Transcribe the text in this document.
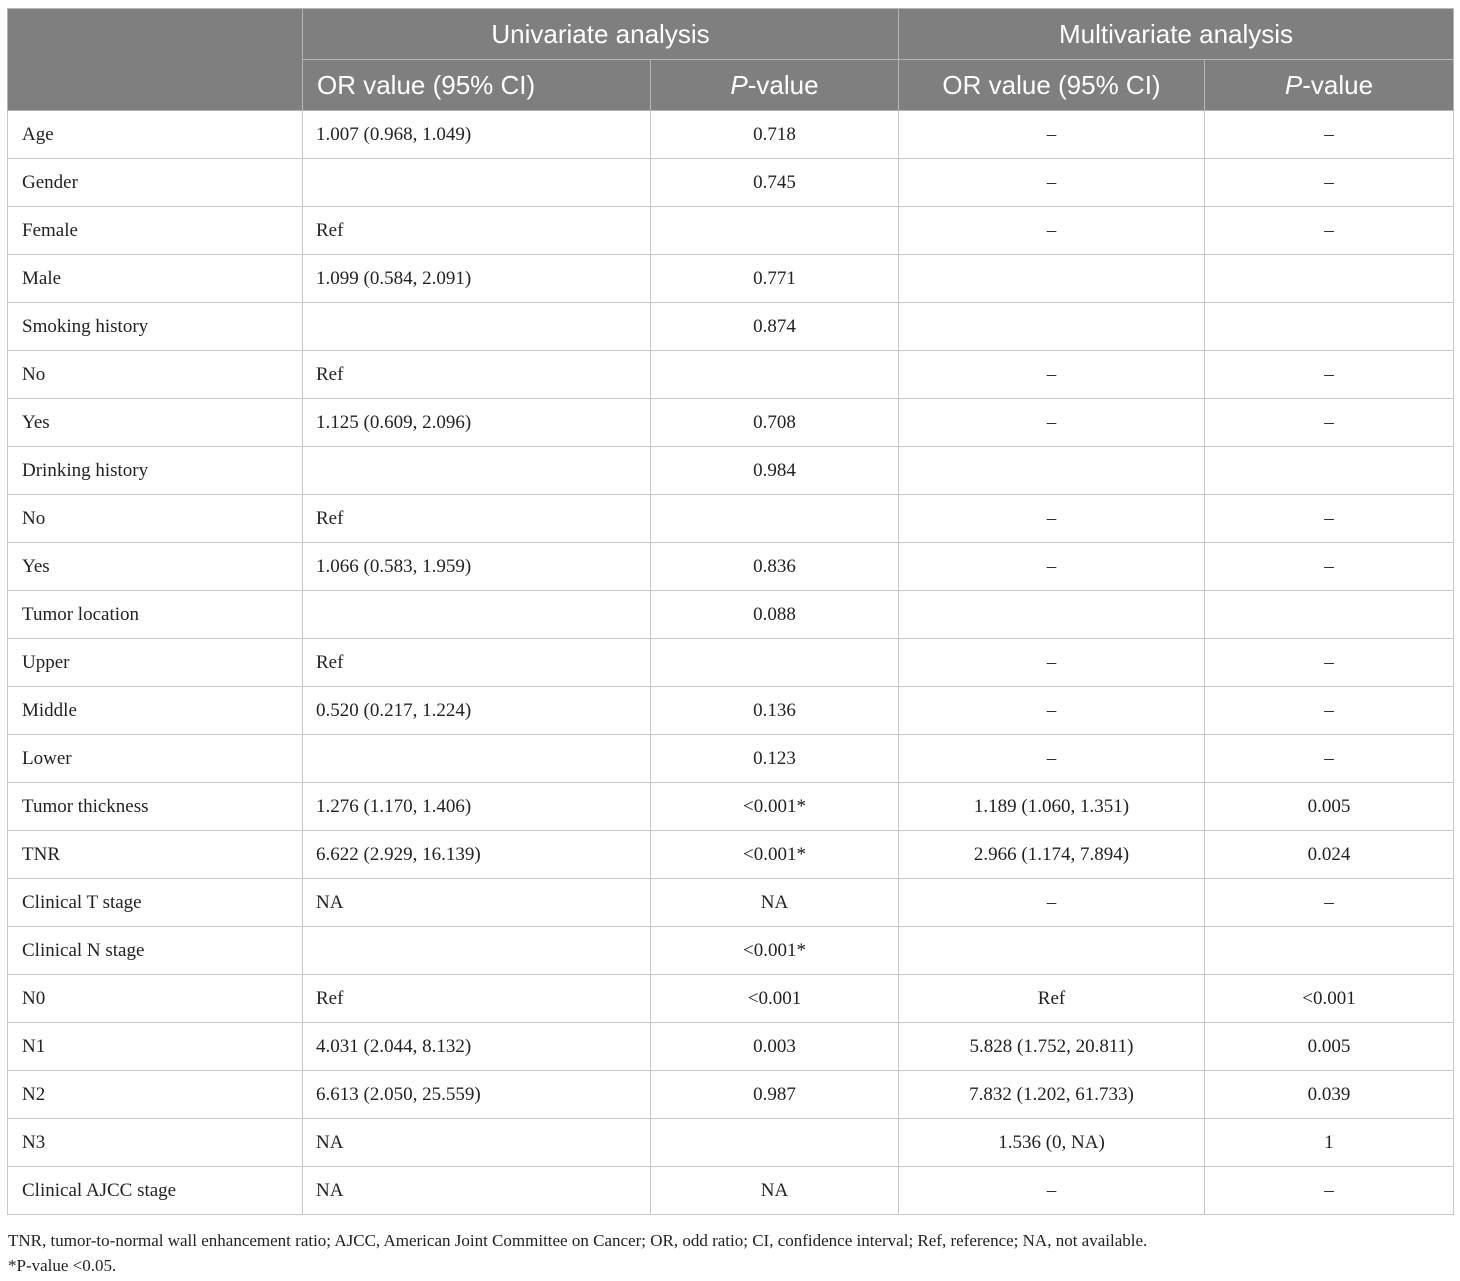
	Univariate analysis		Multivariate analysis	
	OR value (95% CI)	P-value	OR value (95% CI)	P-value
Age	1.007 (0.968, 1.049)	0.718	–	–
Gender		0.745	–	–
Female	Ref		–	–
Male	1.099 (0.584, 2.091)	0.771		
Smoking history		0.874		
No	Ref		–	–
Yes	1.125 (0.609, 2.096)	0.708	–	–
Drinking history		0.984		
No	Ref		–	–
Yes	1.066 (0.583, 1.959)	0.836	–	–
Tumor location		0.088		
Upper	Ref		–	–
Middle	0.520 (0.217, 1.224)	0.136	–	–
Lower		0.123	–	–
Tumor thickness	1.276 (1.170, 1.406)	<0.001*	1.189 (1.060, 1.351)	0.005
TNR	6.622 (2.929, 16.139)	<0.001*	2.966 (1.174, 7.894)	0.024
Clinical T stage	NA	NA	–	–
Clinical N stage		<0.001*		
N0	Ref	<0.001	Ref	<0.001
N1	4.031 (2.044, 8.132)	0.003	5.828 (1.752, 20.811)	0.005
N2	6.613 (2.050, 25.559)	0.987	7.832 (1.202, 61.733)	0.039
N3	NA		1.536 (0, NA)	1
Clinical AJCC stage	NA	NA	–	–
TNR, tumor-to-normal wall enhancement ratio; AJCC, American Joint Committee on Cancer; OR, odd ratio; CI, confidence interval; Ref, reference; NA, not available.
*P-value <0.05.
